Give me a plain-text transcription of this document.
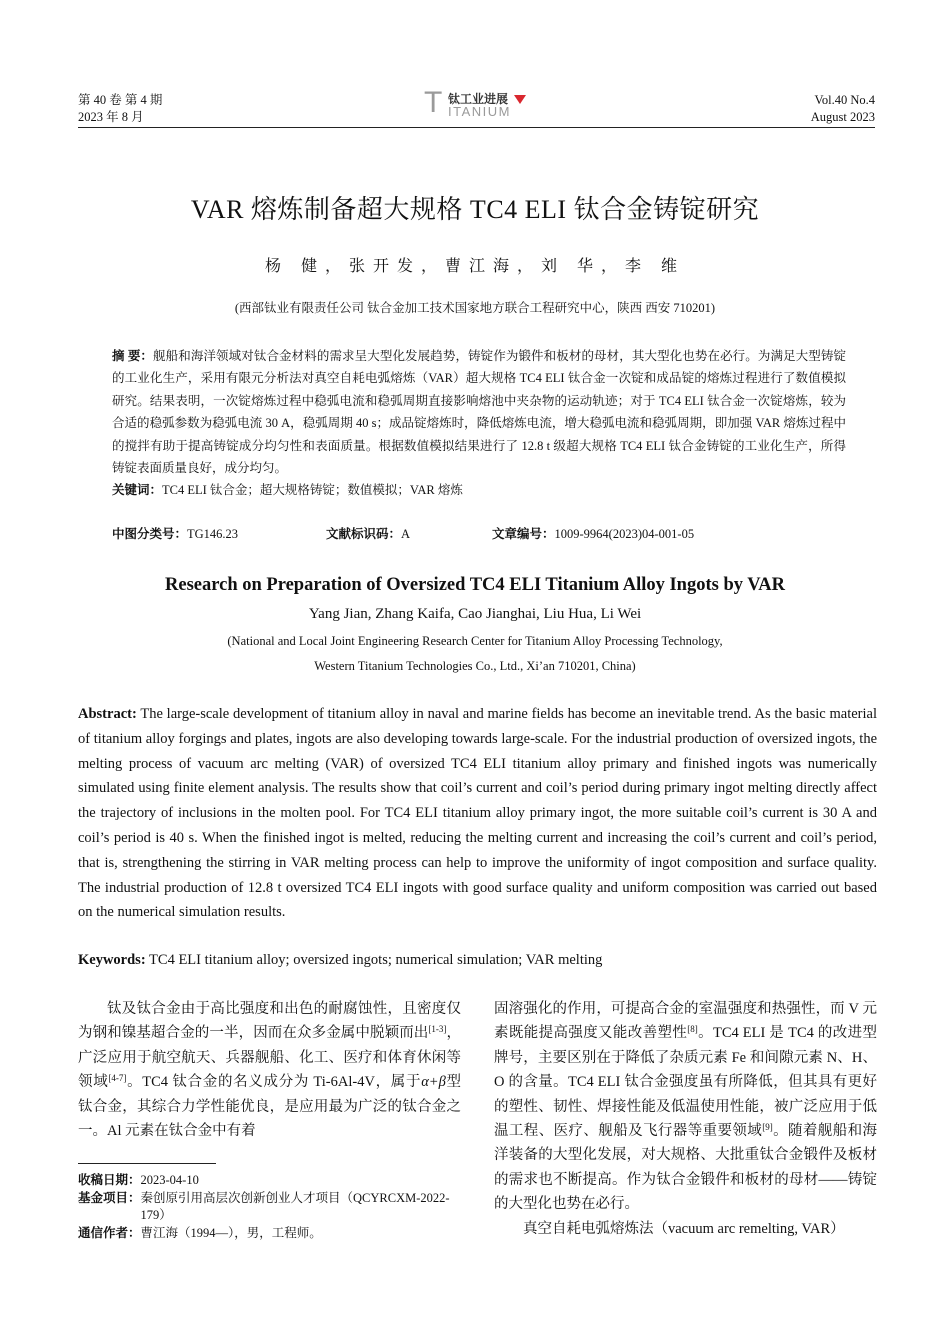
第 40 卷 第 4 期
2023 年 8 月	T 钛工业进展
ITANIUM
Vol.40 No.4
August 2023
VAR 熔炼制备超大规格 TC4 ELI 钛合金铸锭研究
杨 健，张开发，曹江海，刘 华，李 维
(西部钛业有限责任公司 钛合金加工技术国家地方联合工程研究中心，陕西 西安 710201)
摘 要：舰船和海洋领域对钛合金材料的需求呈大型化发展趋势，铸锭作为锻件和板材的母材，其大型化也势在必行。为满足大型铸锭的工业化生产，采用有限元分析法对真空自耗电弧熔炼（VAR）超大规格 TC4 ELI 钛合金一次锭和成品锭的熔炼过程进行了数值模拟研究。结果表明，一次锭熔炼过程中稳弧电流和稳弧周期直接影响熔池中夹杂物的运动轨迹；对于 TC4 ELI 钛合金一次锭熔炼，较为合适的稳弧参数为稳弧电流 30 A，稳弧周期 40 s；成品锭熔炼时，降低熔炼电流，增大稳弧电流和稳弧周期，即加强 VAR 熔炼过程中的搅拌有助于提高铸锭成分均匀性和表面质量。根据数值模拟结果进行了 12.8 t 级超大规格 TC4 ELI 钛合金铸锭的工业化生产，所得铸锭表面质量良好，成分均匀。
关键词：TC4 ELI 钛合金；超大规格铸锭；数值模拟；VAR 熔炼
中图分类号：TG146.23	文献标识码：A	文章编号：1009-9964(2023)04-001-05
Research on Preparation of Oversized TC4 ELI Titanium Alloy Ingots by VAR
Yang Jian, Zhang Kaifa, Cao Jianghai, Liu Hua, Li Wei
(National and Local Joint Engineering Research Center for Titanium Alloy Processing Technology,
Western Titanium Technologies Co., Ltd., Xi’an 710201, China)
Abstract: The large-scale development of titanium alloy in naval and marine fields has become an inevitable trend. As the basic material of titanium alloy forgings and plates, ingots are also developing towards large-scale. For the industrial production of oversized ingots, the melting process of vacuum arc melting (VAR) of oversized TC4 ELI titanium alloy primary and finished ingots was numerically simulated using finite element analysis. The results show that coil’s current and coil’s period during primary ingot melting directly affect the trajectory of inclusions in the molten pool. For TC4 ELI titanium alloy primary ingot, the more suitable coil’s current is 30 A and coil’s period is 40 s. When the finished ingot is melted, reducing the melting current and increasing the coil’s current and coil’s period, that is, strengthening the stirring in VAR melting process can help to improve the uniformity of ingot composition and surface quality. The industrial production of 12.8 t oversized TC4 ELI ingots with good surface quality and uniform composition was carried out based on the numerical simulation results.
Keywords: TC4 ELI titanium alloy; oversized ingots; numerical simulation; VAR melting

钛及钛合金由于高比强度和出色的耐腐蚀性，且密度仅为钢和镍基超合金的一半，因而在众多金属中脱颖而出[1-3]，广泛应用于航空航天、兵器舰船、化工、医疗和体育休闲等领域[4-7]。TC4 钛合金的名义成分为 Ti-6Al-4V，属于α+β型钛合金，其综合力学性能优良，是应用最为广泛的钛合金之一。Al 元素在钛合金中有着

收稿日期： 2023-04-10
基金项目： 秦创原引用高层次创新创业人才项目（QCYRCXM-2022-179）
通信作者： 曹江海（1994—），男，工程师。

固溶强化的作用，可提高合金的室温强度和热强性，而 V 元素既能提高强度又能改善塑性[8]。TC4 ELI 是 TC4 的改进型牌号，主要区别在于降低了杂质元素 Fe 和间隙元素 N、H、O 的含量。TC4 ELI 钛合金强度虽有所降低，但其具有更好的塑性、韧性、焊接性能及低温使用性能，被广泛应用于低温工程、医疗、舰船及飞行器等重要领域[9]。随着舰船和海洋装备的大型化发展，对大规格、大批重钛合金锻件及板材的需求也不断提高。作为钛合金锻件和板材的母材——铸锭的大型化也势在必行。

真空自耗电弧熔炼法（vacuum arc remelting, VAR）
